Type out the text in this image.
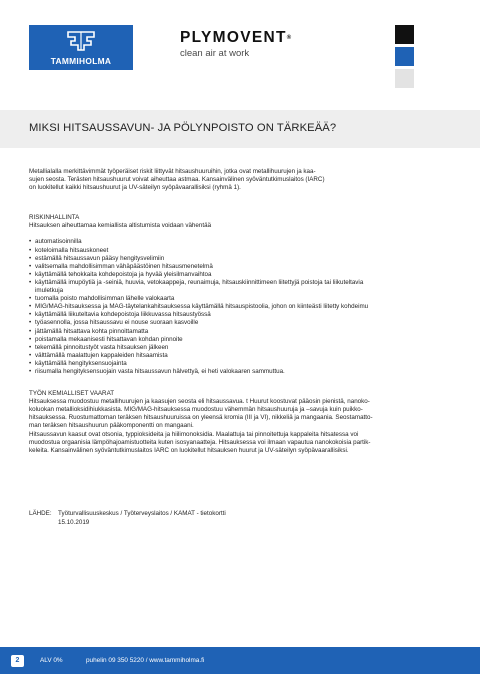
TAMMIHOLMA
PLYMOVENT®
clean air at work
MIKSI HITSAUSSAVUN- JA PÖLYNPOISTO ON TÄRKEÄÄ?

Metallialalla merkittävimmät työperäiset riskit liittyvät hitsaushuuruihin, jotka ovat metallihuurujen ja kaa-

sujen seosta. Terästen hitsaushuurut voivat aiheuttaa astmaa. Kansainvälinen syöväntutkimuslaitos (IARC)

on luokitellut kaikki hitsaushuurut ja UV-säteilyn syöpävaarallisiksi (ryhmä 1).

RISKINHALLINTA

Hitsauksen aiheuttamaa kemiallista altistumista voidaan vähentää

• automatisoinnilla
• koteloimalla hitsauskoneet
• estämällä hitsaussavun pääsy hengitysvelimiin
• valitsemalla mahdollisimman vähäpäästöinen hitsausmenetelmä
• käyttämällä tehokkaita kohdepoistoja ja hyvää yleisilmanvaihtoa
• käyttämällä imupöytiä ja -seiniä, huuvia, vetokaappeja, reunaimuja, hitsauskiinnittimeen liitettyjä poistoja tai liikuteltavia

imuletkuja

• tuomalla poisto mahdollisimman lähelle valokaarta
• MIG/MAG-hitsauksessa ja MAG-täytelankahitsauksessa käyttämällä hitsauspistoolia, johon on kiinteästi liitetty kohdeimu
• käyttämällä liikuteltavia kohdepoistoja liikkuvassa hitsaustyössä
• työasennolla, jossa hitsaussavu ei nouse suoraan kasvoille
• jättämällä hitsattava kohta pinnoittamatta
• poistamalla mekaanisesti hitsattavan kohdan pinnoite
• tekemällä pinnoitustyöt vasta hitsauksen jälkeen
• välttämällä maalattujen kappaleiden hitsaamista
• käyttämällä hengityksensuojainta
• riisumalla hengityksensuojain vasta hitsaussavun hälvettyä, ei heti valokaaren sammuttua.

TYÖN KEMIALLISET VAARAT

Hitsauksessa muodostuu metallihuurujen ja kaasujen seosta eli hitsaussavua. t Huurut koostuvat pääosin pienistä, nanoko-

koluokan metallioksidihiukkasista. MIG/MAG-hitsauksessa muodostuu vähemmän hitsaushuuruja ja –savuja kuin puikko-

hitsauksessa. Ruostumattoman teräksen hitsaushuuruissa on yleensä kromia (III ja VI), nikkeliä ja mangaania. Seostamatto-

man teräksen hitsaushuurun pääkomponentti on mangaani.

Hitsaussavun kaasut ovat otsonia, typpioksideita ja hiilimonoksidia. Maalattuja tai pinnoitettuja kappaleita hitsatessa voi

muodostua orgaanisia lämpöhajoamistuotteita kuten isosyanaatteja. Hitsauksessa voi ilmaan vapautua nanokokoisia partik-

keleita. Kansainvälinen syöväntutkimuslaitos IARC on luokitellut hitsauksen huurut ja UV-säteilyn syöpävaarallisiksi.

LÄHDE:	Työturvallisuuskeskus / Työterveyslaitos / KAMAT - tietokortti
15.10.2019
2	ALV 0%	puhelin 09 350 5220 / www.tammiholma.fi
